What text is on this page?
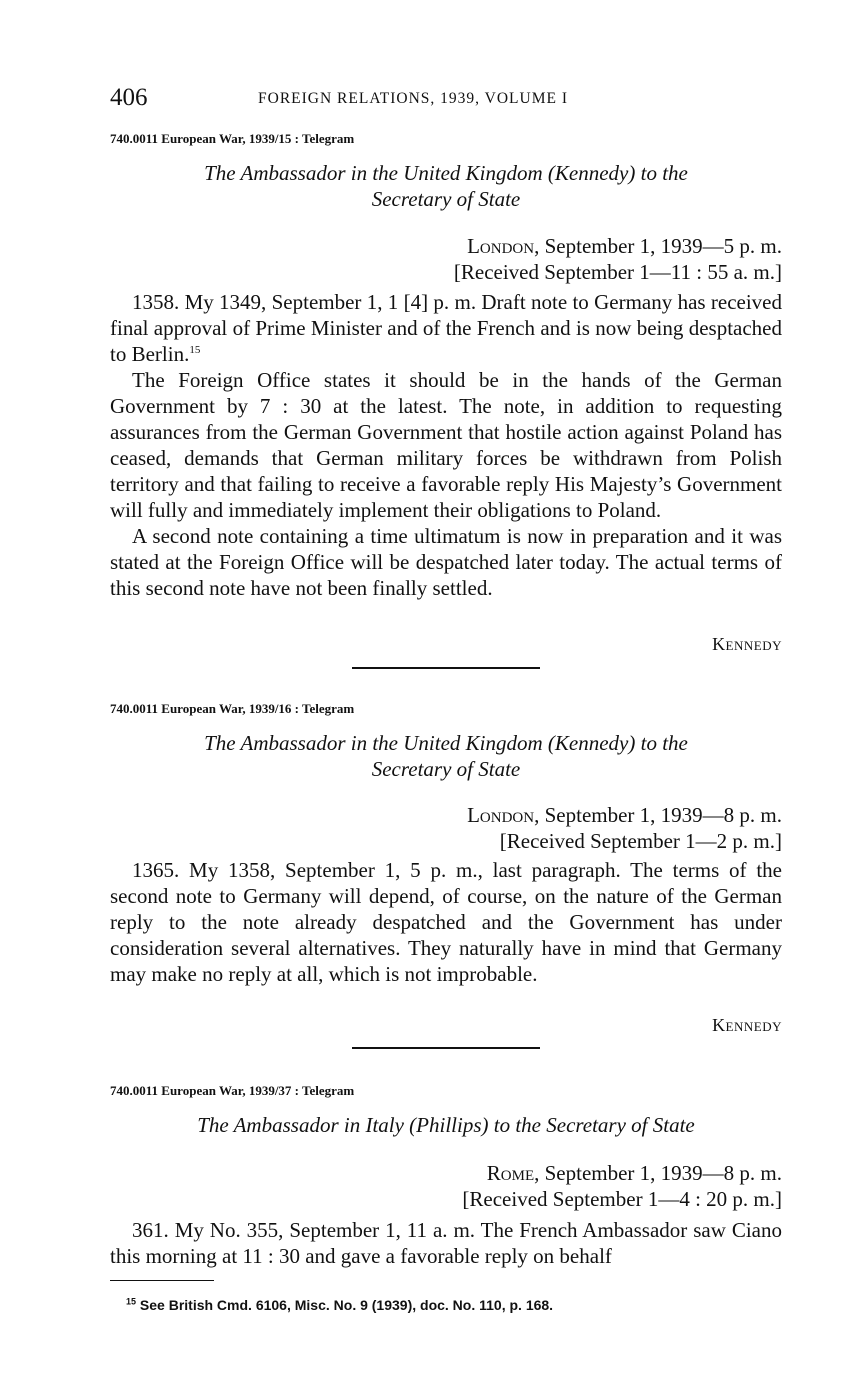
406	FOREIGN RELATIONS, 1939, VOLUME I
740.0011 European War, 1939/15 : Telegram
The Ambassador in the United Kingdom (Kennedy) to the
Secretary of State
London, September 1, 1939—5 p. m.
[Received September 1—11 : 55 a. m.]

1358. My 1349, September 1, 1 [4] p. m. Draft note to Germany has received final approval of Prime Minister and of the French and is now being desptached to Berlin.$^{15}$

The Foreign Office states it should be in the hands of the German Government by 7 : 30 at the latest. The note, in addition to requesting assurances from the German Government that hostile action against Poland has ceased, demands that German military forces be withdrawn from Polish territory and that failing to receive a favorable reply His Majesty’s Government will fully and immediately implement their obligations to Poland.

A second note containing a time ultimatum is now in preparation and it was stated at the Foreign Office will be despatched later today. The actual terms of this second note have not been finally settled.

Kennedy
740.0011 European War, 1939/16 : Telegram
The Ambassador in the United Kingdom (Kennedy) to the
Secretary of State
London, September 1, 1939—8 p. m.
[Received September 1—2 p. m.]

1365. My 1358, September 1, 5 p. m., last paragraph. The terms of the second note to Germany will depend, of course, on the nature of the German reply to the note already despatched and the Government has under consideration several alternatives. They naturally have in mind that Germany may make no reply at all, which is not improbable.

Kennedy
740.0011 European War, 1939/37 : Telegram
The Ambassador in Italy (Phillips) to the Secretary of State
Rome, September 1, 1939—8 p. m.
[Received September 1—4 : 20 p. m.]

361. My No. 355, September 1, 11 a. m. The French Ambassador saw Ciano this morning at 11 : 30 and gave a favorable reply on behalf

$^{15}$ See British Cmd. 6106, Misc. No. 9 (1939), doc. No. 110, p. 168.
